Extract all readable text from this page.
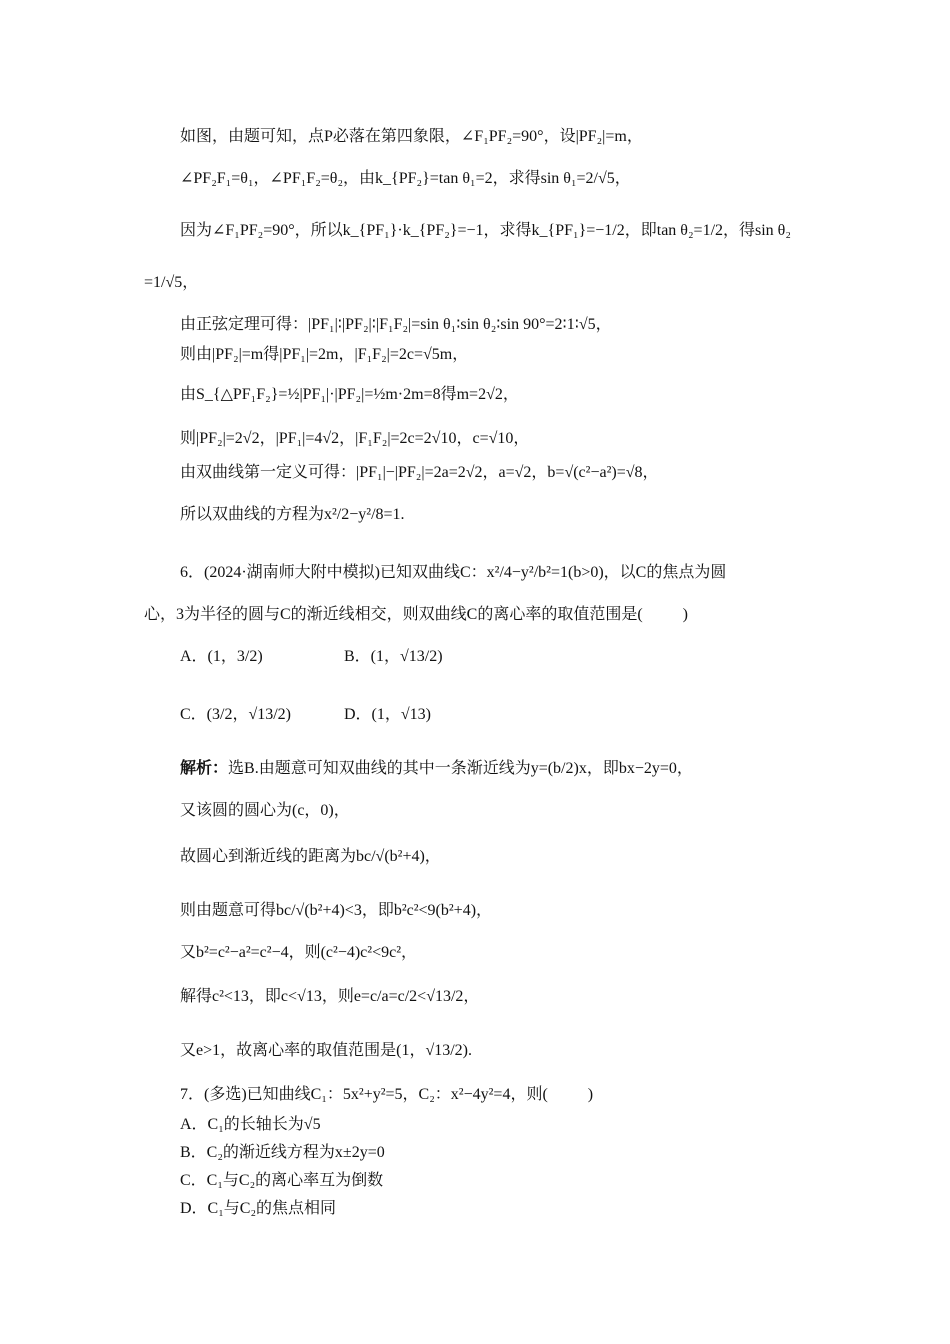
如图，由题可知，点P必落在第四象限，∠F₁PF₂=90°，设|PF₂|=m，
∠PF₂F₁=θ₁，∠PF₁F₂=θ₂，由k_{PF₂}=tan θ₁=2，求得sin θ₁=2/√5，
因为∠F₁PF₂=90°，所以k_{PF₁}·k_{PF₂}=−1，求得k_{PF₁}=−1/2，即tan θ₂=1/2，得sin θ₂
=1/√5，
由正弦定理可得：|PF₁|∶|PF₂|∶|F₁F₂|=sin θ₁∶sin θ₂∶sin 90°=2∶1∶√5，
则由|PF₂|=m得|PF₁|=2m，|F₁F₂|=2c=√5m，
由S_{△PF₁F₂}=½|PF₁|·|PF₂|=½m·2m=8得m=2√2，
则|PF₂|=2√2，|PF₁|=4√2，|F₁F₂|=2c=2√10，c=√10，
由双曲线第一定义可得：|PF₁|−|PF₂|=2a=2√2，a=√2，b=√(c²−a²)=√8，
所以双曲线的方程为x²/2−y²/8=1.
6．(2024·湖南师大附中模拟)已知双曲线C：x²/4−y²/b²=1(b>0)，以C的焦点为圆
心，3为半径的圆与C的渐近线相交，则双曲线C的离心率的取值范围是(          )
A．(1，3/2)	B．(1，√13/2)
C．(3/2，√13/2)	D．(1，√13)
解析：选B.由题意可知双曲线的其中一条渐近线为y=(b/2)x，即bx−2y=0，
又该圆的圆心为(c，0)，
故圆心到渐近线的距离为bc/√(b²+4)，
则由题意可得bc/√(b²+4)<3，即b²c²<9(b²+4)，
又b²=c²−a²=c²−4，则(c²−4)c²<9c²，
解得c²<13，即c<√13，则e=c/a=c/2<√13/2，
又e>1，故离心率的取值范围是(1，√13/2).
7．(多选)已知曲线C₁：5x²+y²=5，C₂：x²−4y²=4，则(          )
A．C₁的长轴长为√5
B．C₂的渐近线方程为x±2y=0
C．C₁与C₂的离心率互为倒数
D．C₁与C₂的焦点相同
